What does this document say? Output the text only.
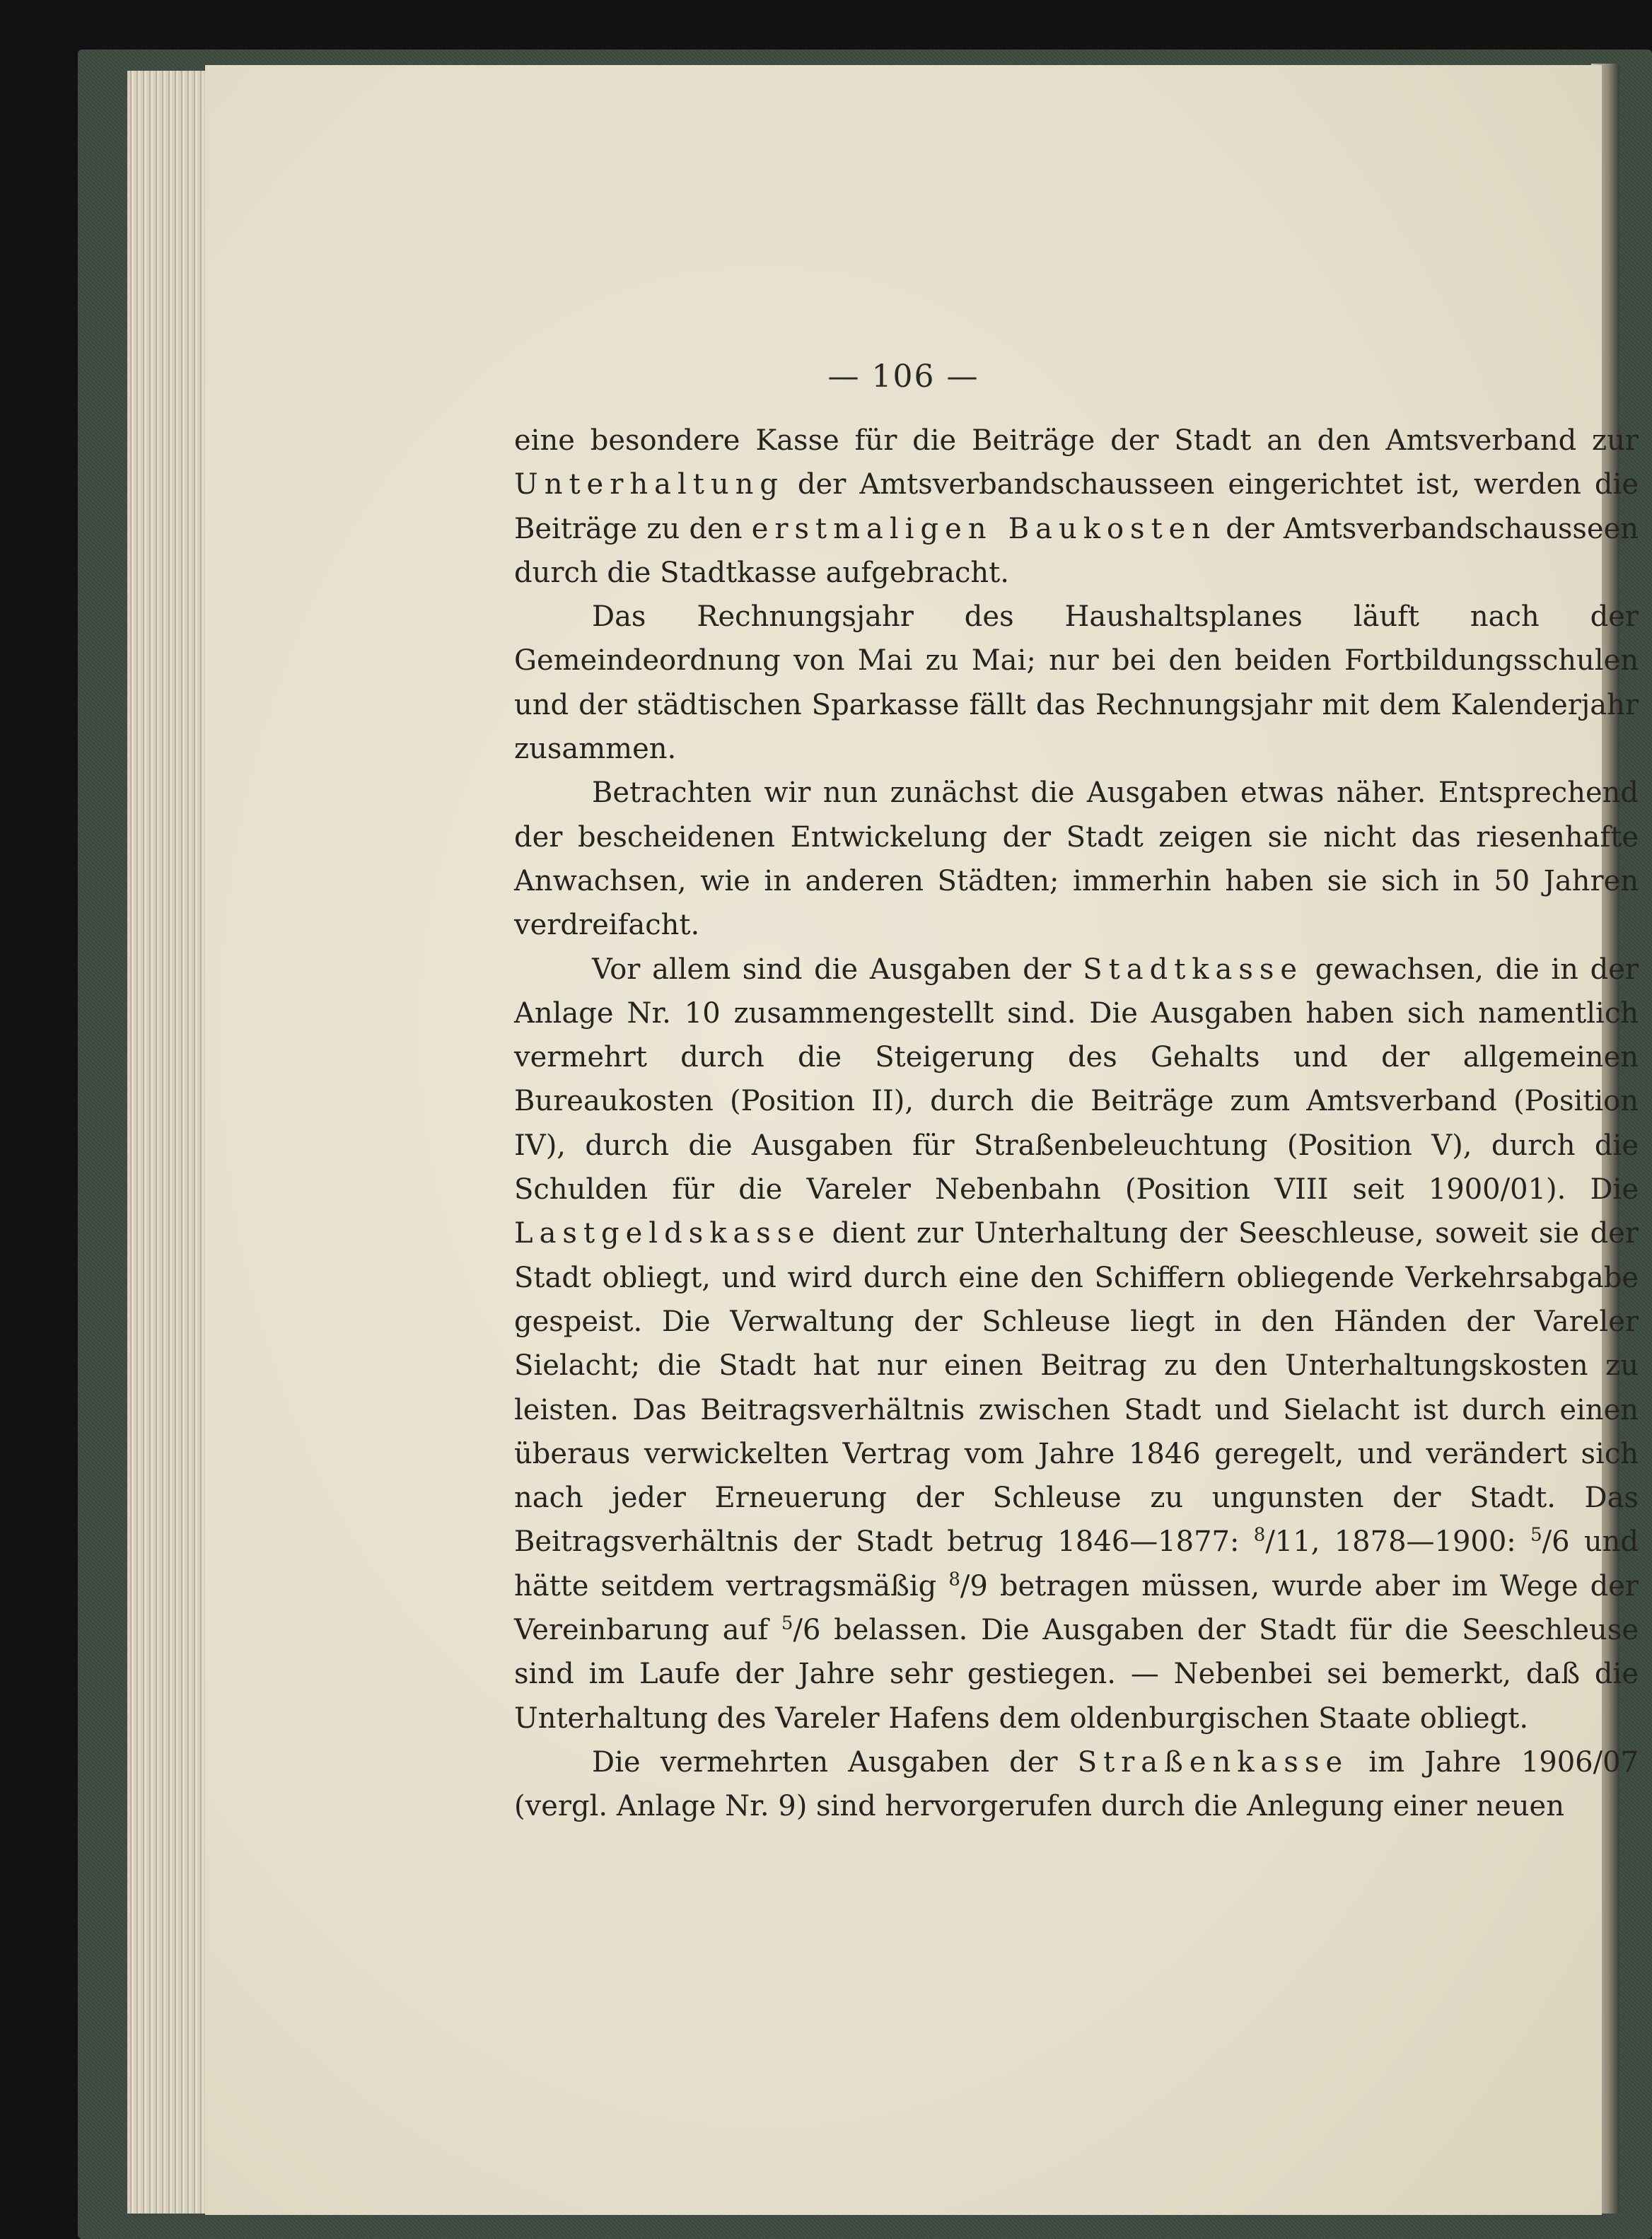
— 106 —

eine besondere Kasse für die Beiträge der Stadt an den Amtsverband zur Unterhaltung der Amtsverbandschausseen eingerichtet ist, werden die Beiträge zu den erstmaligen Baukosten der Amtsverbandschausseen durch die Stadtkasse aufgebracht.

Das Rechnungsjahr des Haushaltsplanes läuft nach der Gemeindeordnung von Mai zu Mai; nur bei den beiden Fortbildungsschulen und der städtischen Sparkasse fällt das Rechnungsjahr mit dem Kalenderjahr zusammen.

Betrachten wir nun zunächst die Ausgaben etwas näher. Entsprechend der bescheidenen Entwickelung der Stadt zeigen sie nicht das riesenhafte Anwachsen, wie in anderen Städten; immerhin haben sie sich in 50 Jahren verdreifacht.

Vor allem sind die Ausgaben der Stadtkasse gewachsen, die in der Anlage Nr. 10 zusammengestellt sind. Die Ausgaben haben sich namentlich vermehrt durch die Steigerung des Gehalts und der allgemeinen Bureaukosten (Position II), durch die Beiträge zum Amtsverband (Position IV), durch die Ausgaben für Straßenbeleuchtung (Position V), durch die Schulden für die Vareler Nebenbahn (Position VIII seit 1900/01). Die Lastgeldskasse dient zur Unterhaltung der Seeschleuse, soweit sie der Stadt obliegt, und wird durch eine den Schiffern obliegende Verkehrsabgabe gespeist. Die Verwaltung der Schleuse liegt in den Händen der Vareler Sielacht; die Stadt hat nur einen Beitrag zu den Unterhaltungskosten zu leisten. Das Beitragsverhältnis zwischen Stadt und Sielacht ist durch einen überaus verwickelten Vertrag vom Jahre 1846 geregelt, und verändert sich nach jeder Erneuerung der Schleuse zu ungunsten der Stadt. Das Beitragsverhältnis der Stadt betrug 1846—1877: $^8$/11, 1878—1900: $^5$/6 und hätte seitdem vertragsmäßig $^8$/9 betragen müssen, wurde aber im Wege der Vereinbarung auf $^5$/6 belassen. Die Ausgaben der Stadt für die Seeschleuse sind im Laufe der Jahre sehr gestiegen. — Nebenbei sei bemerkt, daß die Unterhaltung des Vareler Hafens dem oldenburgischen Staate obliegt.

Die vermehrten Ausgaben der Straßenkasse im Jahre 1906/07 (vergl. Anlage Nr. 9) sind hervorgerufen durch die Anlegung einer neuen
